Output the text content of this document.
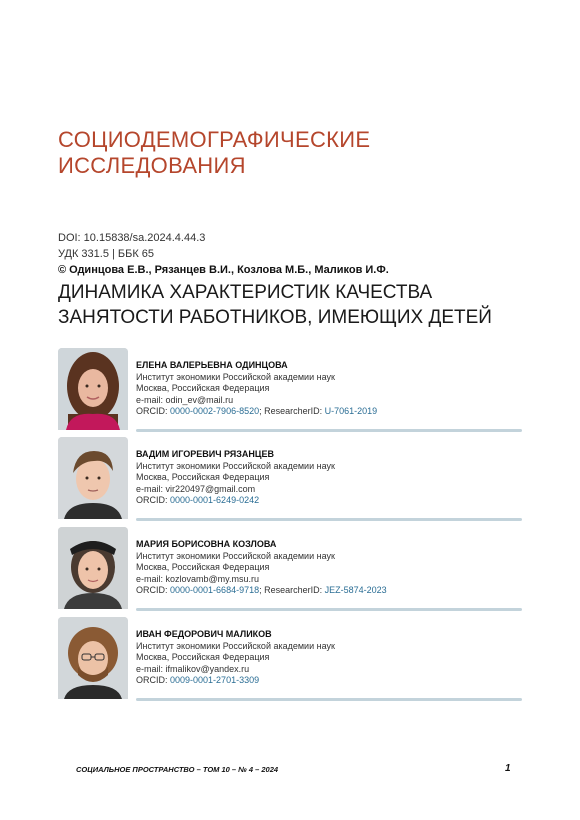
СОЦИОДЕМОГРАФИЧЕСКИЕ ИССЛЕДОВАНИЯ
DOI: 10.15838/sa.2024.4.44.3
УДК 331.5 | ББК 65
© Одинцова Е.В., Рязанцев В.И., Козлова М.Б., Маликов И.Ф.
ДИНАМИКА ХАРАКТЕРИСТИК КАЧЕСТВА
ЗАНЯТОСТИ РАБОТНИКОВ, ИМЕЮЩИХ ДЕТЕЙ
ЕЛЕНА ВАЛЕРЬЕВНА ОДИНЦОВА
Институт экономики Российской академии наук
Москва, Российская Федерация
e-mail: odin_ev@mail.ru
ORCID: 0000-0002-7906-8520; ResearcherID: U-7061-2019
ВАДИМ ИГОРЕВИЧ РЯЗАНЦЕВ
Институт экономики Российской академии наук
Москва, Российская Федерация
e-mail: vir220497@gmail.com
ORCID: 0000-0001-6249-0242
МАРИЯ БОРИСОВНА КОЗЛОВА
Институт экономики Российской академии наук
Москва, Российская Федерация
e-mail: kozlovamb@my.msu.ru
ORCID: 0000-0001-6684-9718; ResearcherID: JEZ-5874-2023
ИВАН ФЕДОРОВИЧ МАЛИКОВ
Институт экономики Российской академии наук
Москва, Российская Федерация
e-mail: ifmalikov@yandex.ru
ORCID: 0009-0001-2701-3309
СОЦИАЛЬНОЕ ПРОСТРАНСТВО – ТОМ 10 – № 4 – 2024	1
